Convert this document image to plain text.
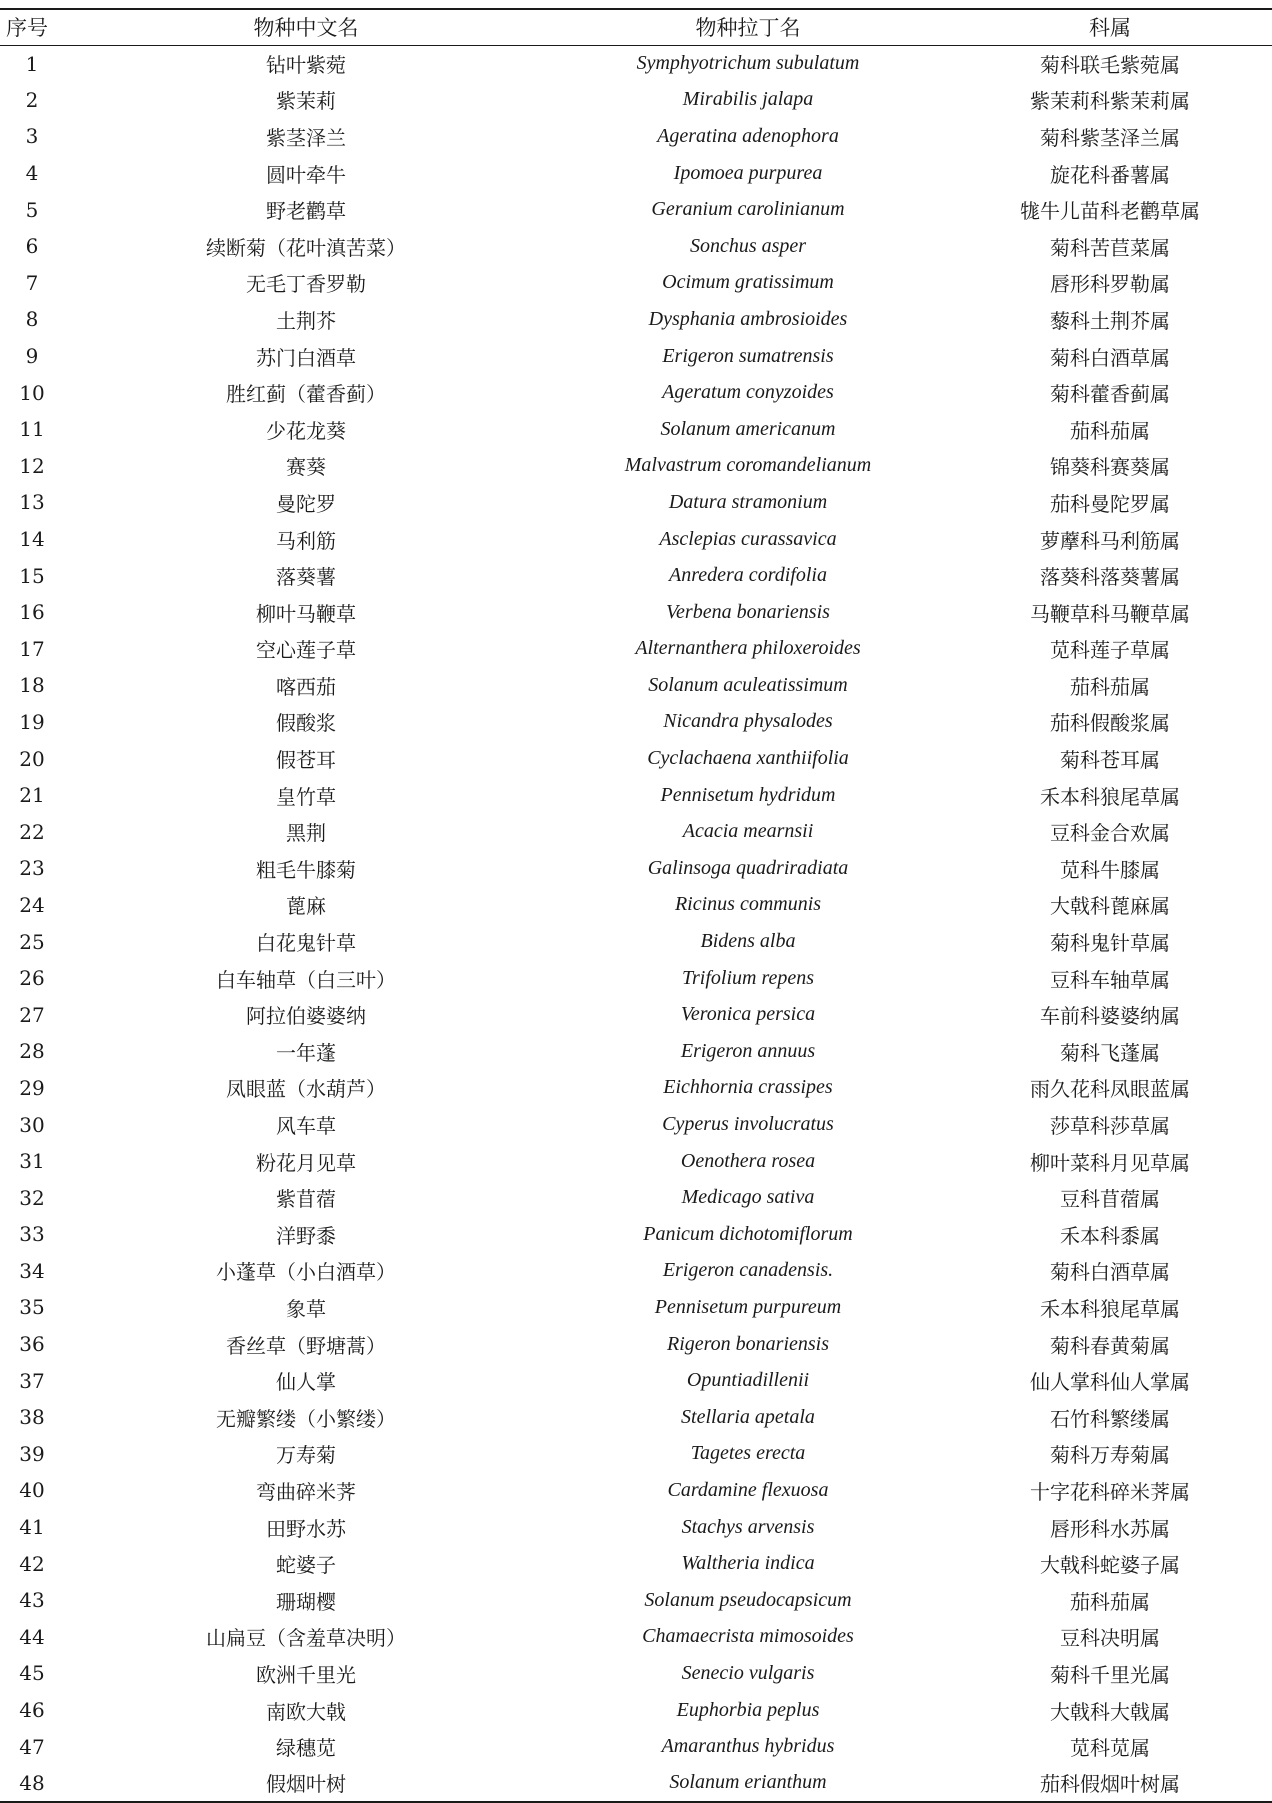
序号	物种中文名	物种拉丁名	科属
1	钻叶紫菀	Symphyotrichum subulatum	菊科联毛紫菀属
2	紫茉莉	Mirabilis jalapa	紫茉莉科紫茉莉属
3	紫茎泽兰	Ageratina adenophora	菊科紫茎泽兰属
4	圆叶牵牛	Ipomoea purpurea	旋花科番薯属
5	野老鹳草	Geranium carolinianum	牻牛儿苗科老鹳草属
6	续断菊（花叶滇苦菜）	Sonchus asper	菊科苦苣菜属
7	无毛丁香罗勒	Ocimum gratissimum	唇形科罗勒属
8	土荆芥	Dysphania ambrosioides	藜科土荆芥属
9	苏门白酒草	Erigeron sumatrensis	菊科白酒草属
10	胜红蓟（藿香蓟）	Ageratum conyzoides	菊科藿香蓟属
11	少花龙葵	Solanum americanum	茄科茄属
12	赛葵	Malvastrum coromandelianum	锦葵科赛葵属
13	曼陀罗	Datura stramonium	茄科曼陀罗属
14	马利筋	Asclepias curassavica	萝藦科马利筋属
15	落葵薯	Anredera cordifolia	落葵科落葵薯属
16	柳叶马鞭草	Verbena bonariensis	马鞭草科马鞭草属
17	空心莲子草	Alternanthera philoxeroides	苋科莲子草属
18	喀西茄	Solanum aculeatissimum	茄科茄属
19	假酸浆	Nicandra physalodes	茄科假酸浆属
20	假苍耳	Cyclachaena xanthiifolia	菊科苍耳属
21	皇竹草	Pennisetum hydridum	禾本科狼尾草属
22	黑荆	Acacia mearnsii	豆科金合欢属
23	粗毛牛膝菊	Galinsoga quadriradiata	苋科牛膝属
24	蓖麻	Ricinus communis	大戟科蓖麻属
25	白花鬼针草	Bidens alba	菊科鬼针草属
26	白车轴草（白三叶）	Trifolium repens	豆科车轴草属
27	阿拉伯婆婆纳	Veronica persica	车前科婆婆纳属
28	一年蓬	Erigeron annuus	菊科飞蓬属
29	凤眼蓝（水葫芦）	Eichhornia crassipes	雨久花科凤眼蓝属
30	风车草	Cyperus involucratus	莎草科莎草属
31	粉花月见草	Oenothera rosea	柳叶菜科月见草属
32	紫苜蓿	Medicago sativa	豆科苜蓿属
33	洋野黍	Panicum dichotomiflorum	禾本科黍属
34	小蓬草（小白酒草）	Erigeron canadensis.	菊科白酒草属
35	象草	Pennisetum purpureum	禾本科狼尾草属
36	香丝草（野塘蒿）	Rigeron bonariensis	菊科春黄菊属
37	仙人掌	Opuntiadillenii	仙人掌科仙人掌属
38	无瓣繁缕（小繁缕）	Stellaria apetala	石竹科繁缕属
39	万寿菊	Tagetes erecta	菊科万寿菊属
40	弯曲碎米荠	Cardamine flexuosa	十字花科碎米荠属
41	田野水苏	Stachys arvensis	唇形科水苏属
42	蛇婆子	Waltheria indica	大戟科蛇婆子属
43	珊瑚樱	Solanum pseudocapsicum	茄科茄属
44	山扁豆（含羞草决明）	Chamaecrista mimosoides	豆科决明属
45	欧洲千里光	Senecio vulgaris	菊科千里光属
46	南欧大戟	Euphorbia peplus	大戟科大戟属
47	绿穗苋	Amaranthus hybridus	苋科苋属
48	假烟叶树	Solanum erianthum	茄科假烟叶树属
